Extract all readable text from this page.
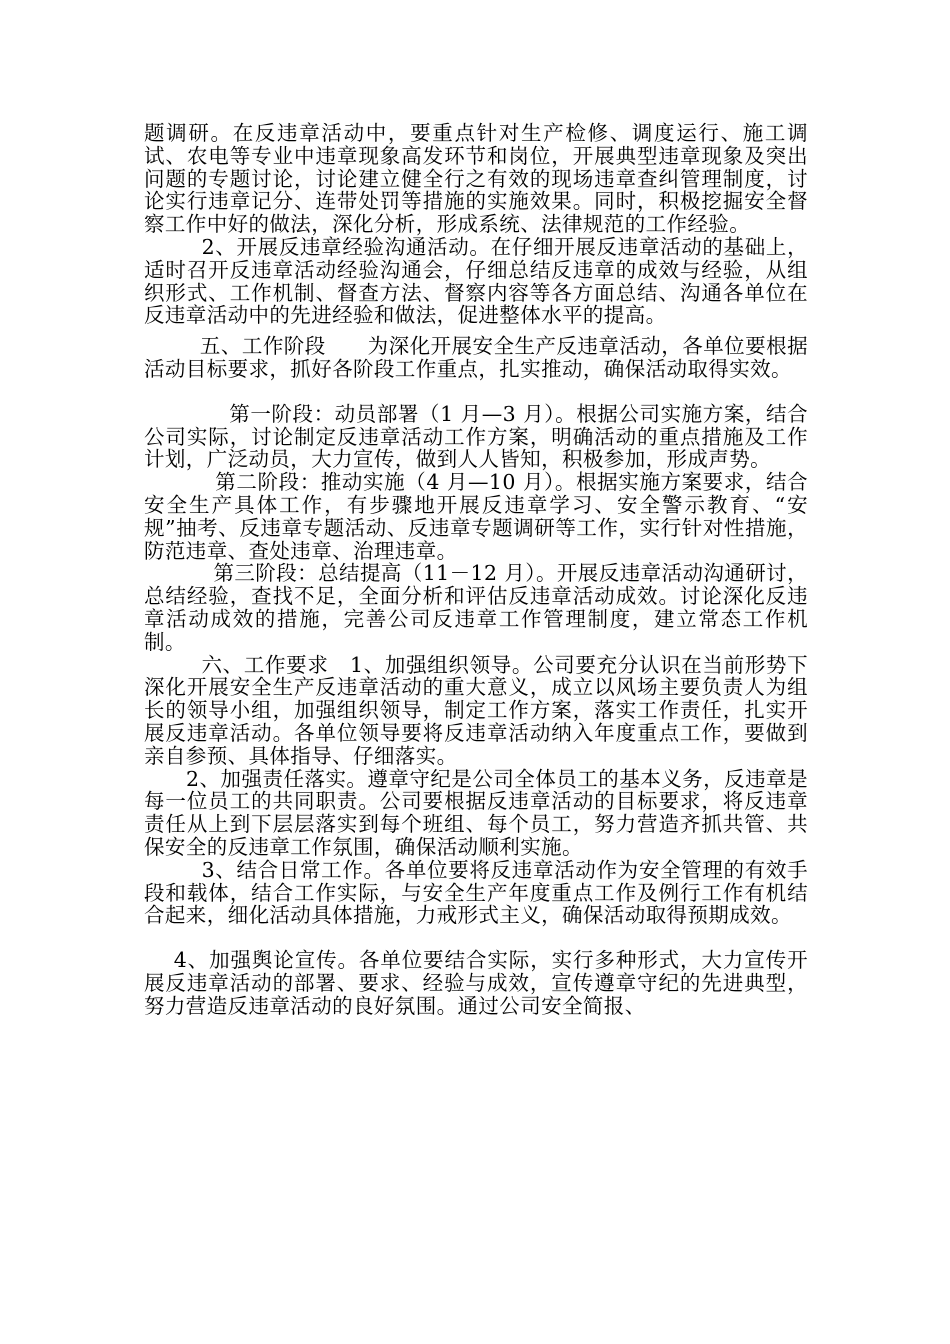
题调研。在反违章活动中，要重点针对生产检修、调度运行、施工调试、农电等专业中违章现象高发环节和岗位，开展典型违章现象及突出问题的专题讨论，讨论建立健全行之有效的现场违章查纠管理制度，讨论实行违章记分、连带处罚等措施的实施效果。同时，积极挖掘安全督察工作中好的做法，深化分析，形成系统、法律规范的工作经验。

2、开展反违章经验沟通活动。在仔细开展反违章活动的基础上，适时召开反违章活动经验沟通会，仔细总结反违章的成效与经验，从组织形式、工作机制、督查方法、督察内容等各方面总结、沟通各单位在反违章活动中的先进经验和做法，促进整体水平的提高。

五、工作阶段      为深化开展安全生产反违章活动，各单位要根据活动目标要求，抓好各阶段工作重点，扎实推动，确保活动取得实效。

第一阶段：动员部署（1 月—3 月）。根据公司实施方案，结合公司实际，讨论制定反违章活动工作方案，明确活动的重点措施及工作计划，广泛动员，大力宣传，做到人人皆知，积极参加，形成声势。

第二阶段：推动实施（4 月—10 月）。根据实施方案要求，结合安全生产具体工作，有步骤地开展反违章学习、安全警示教育、“安规”抽考、反违章专题活动、反违章专题调研等工作，实行针对性措施，防范违章、查处违章、治理违章。

第三阶段：总结提高（11－12 月）。开展反违章活动沟通研讨，总结经验，查找不足，全面分析和评估反违章活动成效。讨论深化反违章活动成效的措施，完善公司反违章工作管理制度，建立常态工作机制。

六、工作要求   1、加强组织领导。公司要充分认识在当前形势下深化开展安全生产反违章活动的重大意义，成立以风场主要负责人为组长的领导小组，加强组织领导，制定工作方案，落实工作责任，扎实开展反违章活动。各单位领导要将反违章活动纳入年度重点工作，要做到亲自参预、具体指导、仔细落实。

2、加强责任落实。遵章守纪是公司全体员工的基本义务，反违章是每一位员工的共同职责。公司要根据反违章活动的目标要求，将反违章责任从上到下层层落实到每个班组、每个员工，努力营造齐抓共管、共保安全的反违章工作氛围，确保活动顺利实施。

3、结合日常工作。各单位要将反违章活动作为安全管理的有效手段和载体，结合工作实际，与安全生产年度重点工作及例行工作有机结合起来，细化活动具体措施，力戒形式主义，确保活动取得预期成效。

4、加强舆论宣传。各单位要结合实际，实行多种形式，大力宣传开展反违章活动的部署、要求、经验与成效，宣传遵章守纪的先进典型，努力营造反违章活动的良好氛围。通过公司安全简报、
